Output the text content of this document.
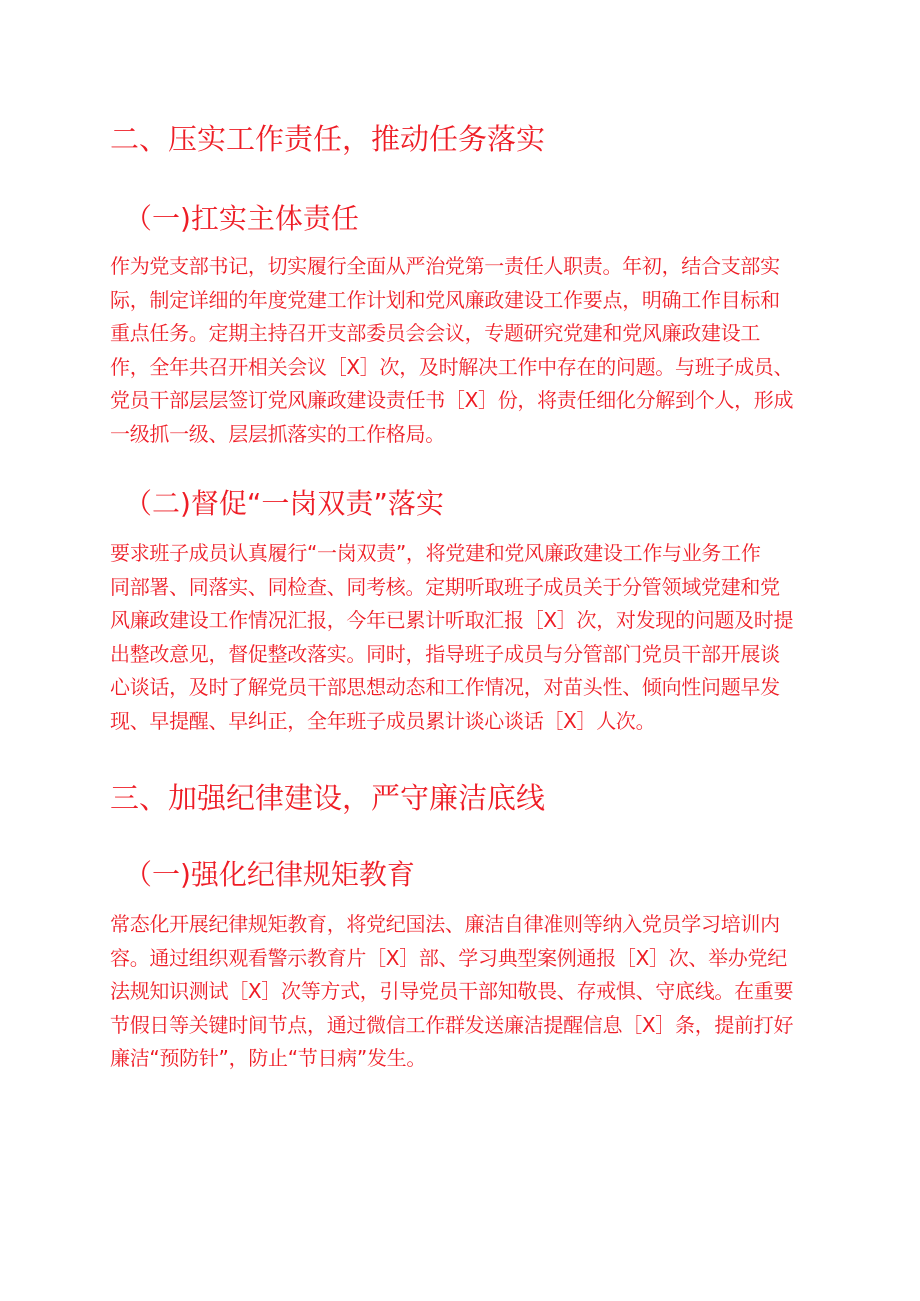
二、压实工作责任，推动任务落实
（一)扛实主体责任

作为党支部书记，切实履行全面从严治党第一责任人职责。年初，结合支部实
际，制定详细的年度党建工作计划和党风廉政建设工作要点，明确工作目标和
重点任务。定期主持召开支部委员会会议，专题研究党建和党风廉政建设工
作，全年共召开相关会议［X］次，及时解决工作中存在的问题。与班子成员、
党员干部层层签订党风廉政建设责任书［X］份，将责任细化分解到个人，形成
一级抓一级、层层抓落实的工作格局。

（二)督促“一岗双责”落实

要求班子成员认真履行“一岗双责”，将党建和党风廉政建设工作与业务工作
同部署、同落实、同检查、同考核。定期听取班子成员关于分管领域党建和党
风廉政建设工作情况汇报，今年已累计听取汇报［X］次，对发现的问题及时提
出整改意见，督促整改落实。同时，指导班子成员与分管部门党员干部开展谈
心谈话，及时了解党员干部思想动态和工作情况，对苗头性、倾向性问题早发
现、早提醒、早纠正，全年班子成员累计谈心谈话［X］人次。

三、加强纪律建设，严守廉洁底线
（一)强化纪律规矩教育

常态化开展纪律规矩教育，将党纪国法、廉洁自律准则等纳入党员学习培训内
容。通过组织观看警示教育片［X］部、学习典型案例通报［X］次、举办党纪
法规知识测试［X］次等方式，引导党员干部知敬畏、存戒惧、守底线。在重要
节假日等关键时间节点，通过微信工作群发送廉洁提醒信息［X］条，提前打好
廉洁“预防针”，防止“节日病”发生。
